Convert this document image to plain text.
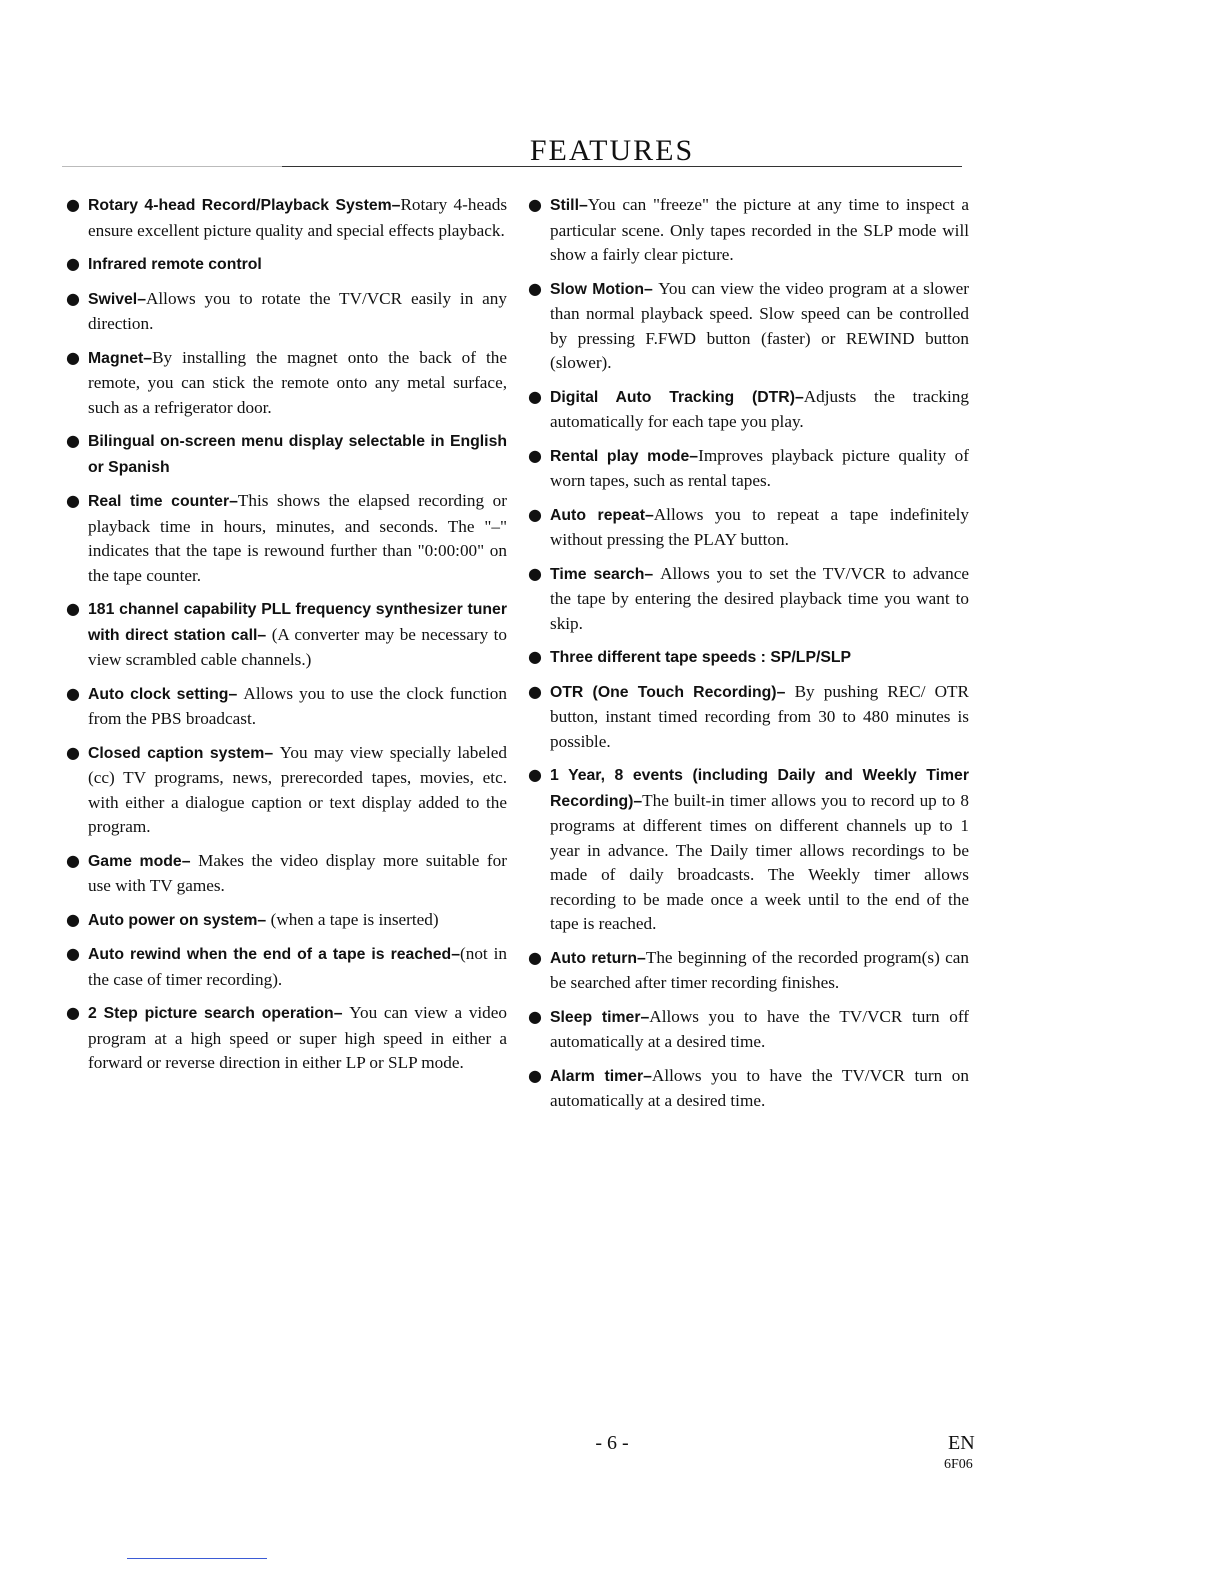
FEATURES
● Rotary 4-head Record/Playback System–Rotary 4-heads ensure excellent picture quality and special effects playback.
● Infrared remote control
● Swivel–Allows you to rotate the TV/VCR easily in any direction.
● Magnet–By installing the magnet onto the back of the remote, you can stick the remote onto any metal surface, such as a refrigerator door.
● Bilingual on-screen menu display selectable in English or Spanish
● Real time counter–This shows the elapsed recording or playback time in hours, minutes, and seconds. The "–" indicates that the tape is rewound further than "0:00:00" on the tape counter.
● 181 channel capability PLL frequency synthesizer tuner with direct station call– (A converter may be necessary to view scrambled cable channels.)
● Auto clock setting– Allows you to use the clock function from the PBS broadcast.
● Closed caption system– You may view specially labeled (cc) TV programs, news, prerecorded tapes, movies, etc. with either a dialogue caption or text display added to the program.
● Game mode– Makes the video display more suitable for use with TV games.
● Auto power on system– (when a tape is inserted)
● Auto rewind when the end of a tape is reached–(not in the case of timer recording).
● 2 Step picture search operation– You can view a video program at a high speed or super high speed in either a forward or reverse direction in either LP or SLP mode.
● Still–You can "freeze" the picture at any time to inspect a particular scene. Only tapes recorded in the SLP mode will show a fairly clear picture.
● Slow Motion– You can view the video program at a slower than normal playback speed. Slow speed can be controlled by pressing F.FWD button (faster) or REWIND button (slower).
● Digital Auto Tracking (DTR)–Adjusts the tracking automatically for each tape you play.
● Rental play mode–Improves playback picture quality of worn tapes, such as rental tapes.
● Auto repeat–Allows you to repeat a tape indefinitely without pressing the PLAY button.
● Time search– Allows you to set the TV/VCR to advance the tape by entering the desired playback time you want to skip.
● Three different tape speeds : SP/LP/SLP
● OTR (One Touch Recording)– By pushing REC/ OTR button, instant timed recording from 30 to 480 minutes is possible.
● 1 Year, 8 events (including Daily and Weekly Timer Recording)–The built-in timer allows you to record up to 8 programs at different times on different channels up to 1 year in advance. The Daily timer allows recordings to be made of daily broadcasts. The Weekly timer allows recording to be made once a week until to the end of the tape is reached.
● Auto return–The beginning of the recorded program(s) can be searched after timer recording finishes.
● Sleep timer–Allows you to have the TV/VCR turn off automatically at a desired time.
● Alarm timer–Allows you to have the TV/VCR turn on automatically at a desired time.
- 6 -	EN
6F06
